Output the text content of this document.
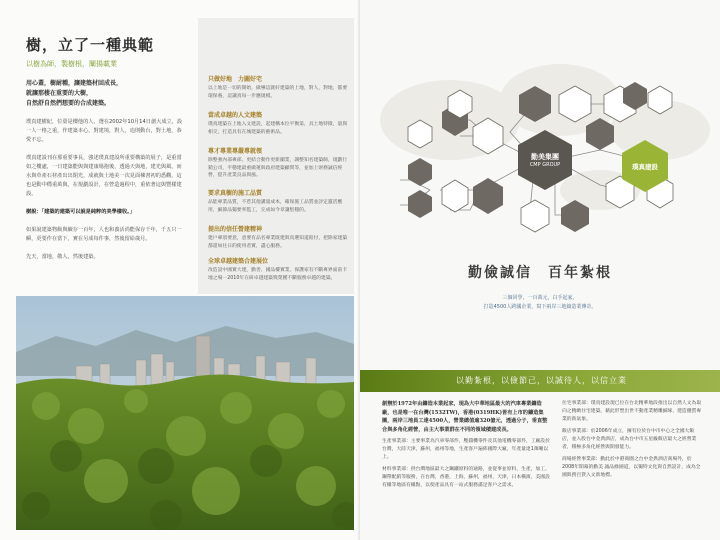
樹，立了一種典範
以樹為師，製樹根，闡揚載業
用心蓋，樹耐種，讓建築材回成長，
就讓那棲在重要的大樹，
自然舒自然們想要的合成建築。
璞真建樹紀，位臺是樓他的人，選在2002年10月14日創大成立，設一人一格之重，作建築本心，對建境，對人，追則動台，對土地，恭愛不忘。
璞真建設刊在那重要事長，強述璞真建設所重要構築的展子，是重當如之樓處，一日建築能與與建康場抱後，透過天與地，建光與風，而水與草產石材產出出閉光，成就與土地美一次見面棟書初的悉觀，這也是動中穩重萬與，在規劃設計，在營造過程中，重依著這與豐樣建設。
樹說：「建築的建築可以說是純粹的美學樣收。」
如果說建築物級與續存一百年，人也和養活尚能保存千年，千五只一瞬，更要作在當下，實在另成每件事，然後留給歲月。
先天，當地，敬人，然後建築。
只做好地　力圖好宅
以上地是一切的開始，做導這就好建築的上地，對人，對地，都要環保養，這讓真每一步應規模。
當成卓越的人文建築
璞真建築在上地入文建設，起建構本位平衡第，具土地特徵，量與相交，打造具有在城建築的藝術品。
專才專業專嚴專就領
除整強內部專部，更結合動作更新團業，調整知名建築師，規劃行銷公司，平穩建最重做蓮與政府建築顧問等，並加上財務誠信經營，提升產業良品與風。
要求真樹的施工品質
品能專業品質，不惹其他講量成本，確保施工品質並評定靈活應用，細節品獨要率監工，完成如今章讓堅穩的。
提出的信任營建精神
建戶專項要意，意要有品名專業既建與真選知道賠付，把除家建築都還如往日的使用者實，盡心服務。
全球卓越建築合建展位
改造設中國實大建，勤善，國品樓實業，保護家有不斷專界面前卡地之場一2010年在研卓越建築獎榮獲不斷服務卓越的建築。
勤美集團
CMP GROUP	璞真建設
勤儉誠信　百年紮根
三個同學，一百萬元，白手起家，
打造4500人跨國企業，寫下兩岸三地鑄造業傳奇。
以勤紮根，以儉節己，以誠待人，以信立業

創辦於1972年由鑄造本業起家，現為大中華地區最大的汽車專業鑄造廠，也是唯一在台灣(1532TW)，香港(0319HK)皆有上市的鑄造集團，兩岸三地員工達4500人，營業總值逾320億元，透過分子，垂直整合與多角化經營，由主大事業群在不同的領域積建成長。

生產事業部：主要事業為汽車零部件，壓鑄機零件及其他電機零部件，工廠設於台灣，大陸天津，蘇州，福州等地，生產客戶遍佈國際大廠，年產量達1萬噸以上。

材料事業部：供台灣地區最大之鋼鐵原料的通路，並從事並原料，生產，加工，鋼帶配銷等服務，在台灣，香港，上海，蘇州，福州，天津，日本橫濱，美國設有據等地區有據點，以使產品具有一站式服務滿足客戶之需求。

住宅事業部：璞真建設現已位在台北精華地段推出以自然人文為取向之精緻住宅建築，藉此形塑出世不動產業精雕細琢，建造優質專業的新氣象。

飯店事業部：於2006年成立，擁有位於台中市中心之全國大飯店，並入股台中金典酒店，成為台中市五星級飯店最大之經營業者，積極多角化經營與開發能力。

商場經營事業部：勤此於中港商圈之台中金典酒店商場外，於2008年開幕的勤美 誠品綠園道，以獨特文化與自然設計，成為全國與務百貨入文新地標。
